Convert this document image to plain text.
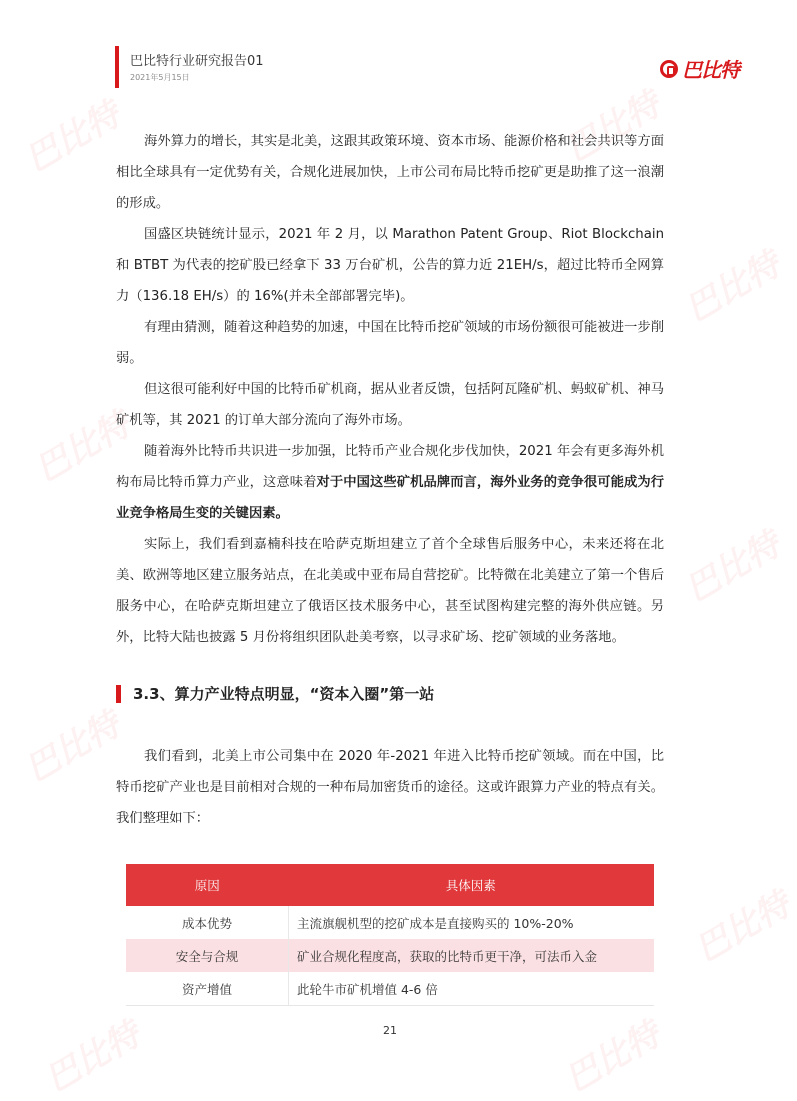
巴比特	巴比特
巴比特
巴比特
巴比特
巴比特
巴比特
巴比特
巴比特
巴比特行业研究报告01
2021年5月15日	巴比特

海外算力的增长，其实是北美，这跟其政策环境、资本市场、能源价格和社会共识等方面相比全球具有一定优势有关，合规化进展加快，上市公司布局比特币挖矿更是助推了这一浪潮的形成。

国盛区块链统计显示，2021 年 2 月，以 Marathon Patent Group、Riot Blockchain 和 BTBT 为代表的挖矿股已经拿下 33 万台矿机，公告的算力近 21EH/s，超过比特币全网算力（136.18 EH/s）的 16%(并未全部部署完毕)。

有理由猜测，随着这种趋势的加速，中国在比特币挖矿领域的市场份额很可能被进一步削弱。

但这很可能利好中国的比特币矿机商，据从业者反馈，包括阿瓦隆矿机、蚂蚁矿机、神马矿机等，其 2021 的订单大部分流向了海外市场。

随着海外比特币共识进一步加强，比特币产业合规化步伐加快，2021 年会有更多海外机构布局比特币算力产业，这意味着对于中国这些矿机品牌而言，海外业务的竞争很可能成为行业竞争格局生变的关键因素。

实际上，我们看到嘉楠科技在哈萨克斯坦建立了首个全球售后服务中心，未来还将在北美、欧洲等地区建立服务站点，在北美或中亚布局自营挖矿。比特微在北美建立了第一个售后服务中心，在哈萨克斯坦建立了俄语区技术服务中心，甚至试图构建完整的海外供应链。另外，比特大陆也披露 5 月份将组织团队赴美考察，以寻求矿场、挖矿领域的业务落地。

3.3、算力产业特点明显，“资本入圈”第一站

我们看到，北美上市公司集中在 2020 年-2021 年进入比特币挖矿领域。而在中国，比特币挖矿产业也是目前相对合规的一种布局加密货币的途径。这或许跟算力产业的特点有关。我们整理如下：

原因	具体因素
成本优势	主流旗舰机型的挖矿成本是直接购买的 10%-20%
安全与合规	矿业合规化程度高，获取的比特币更干净，可法币入金
资产增值	此轮牛市矿机增值 4-6 倍
21
